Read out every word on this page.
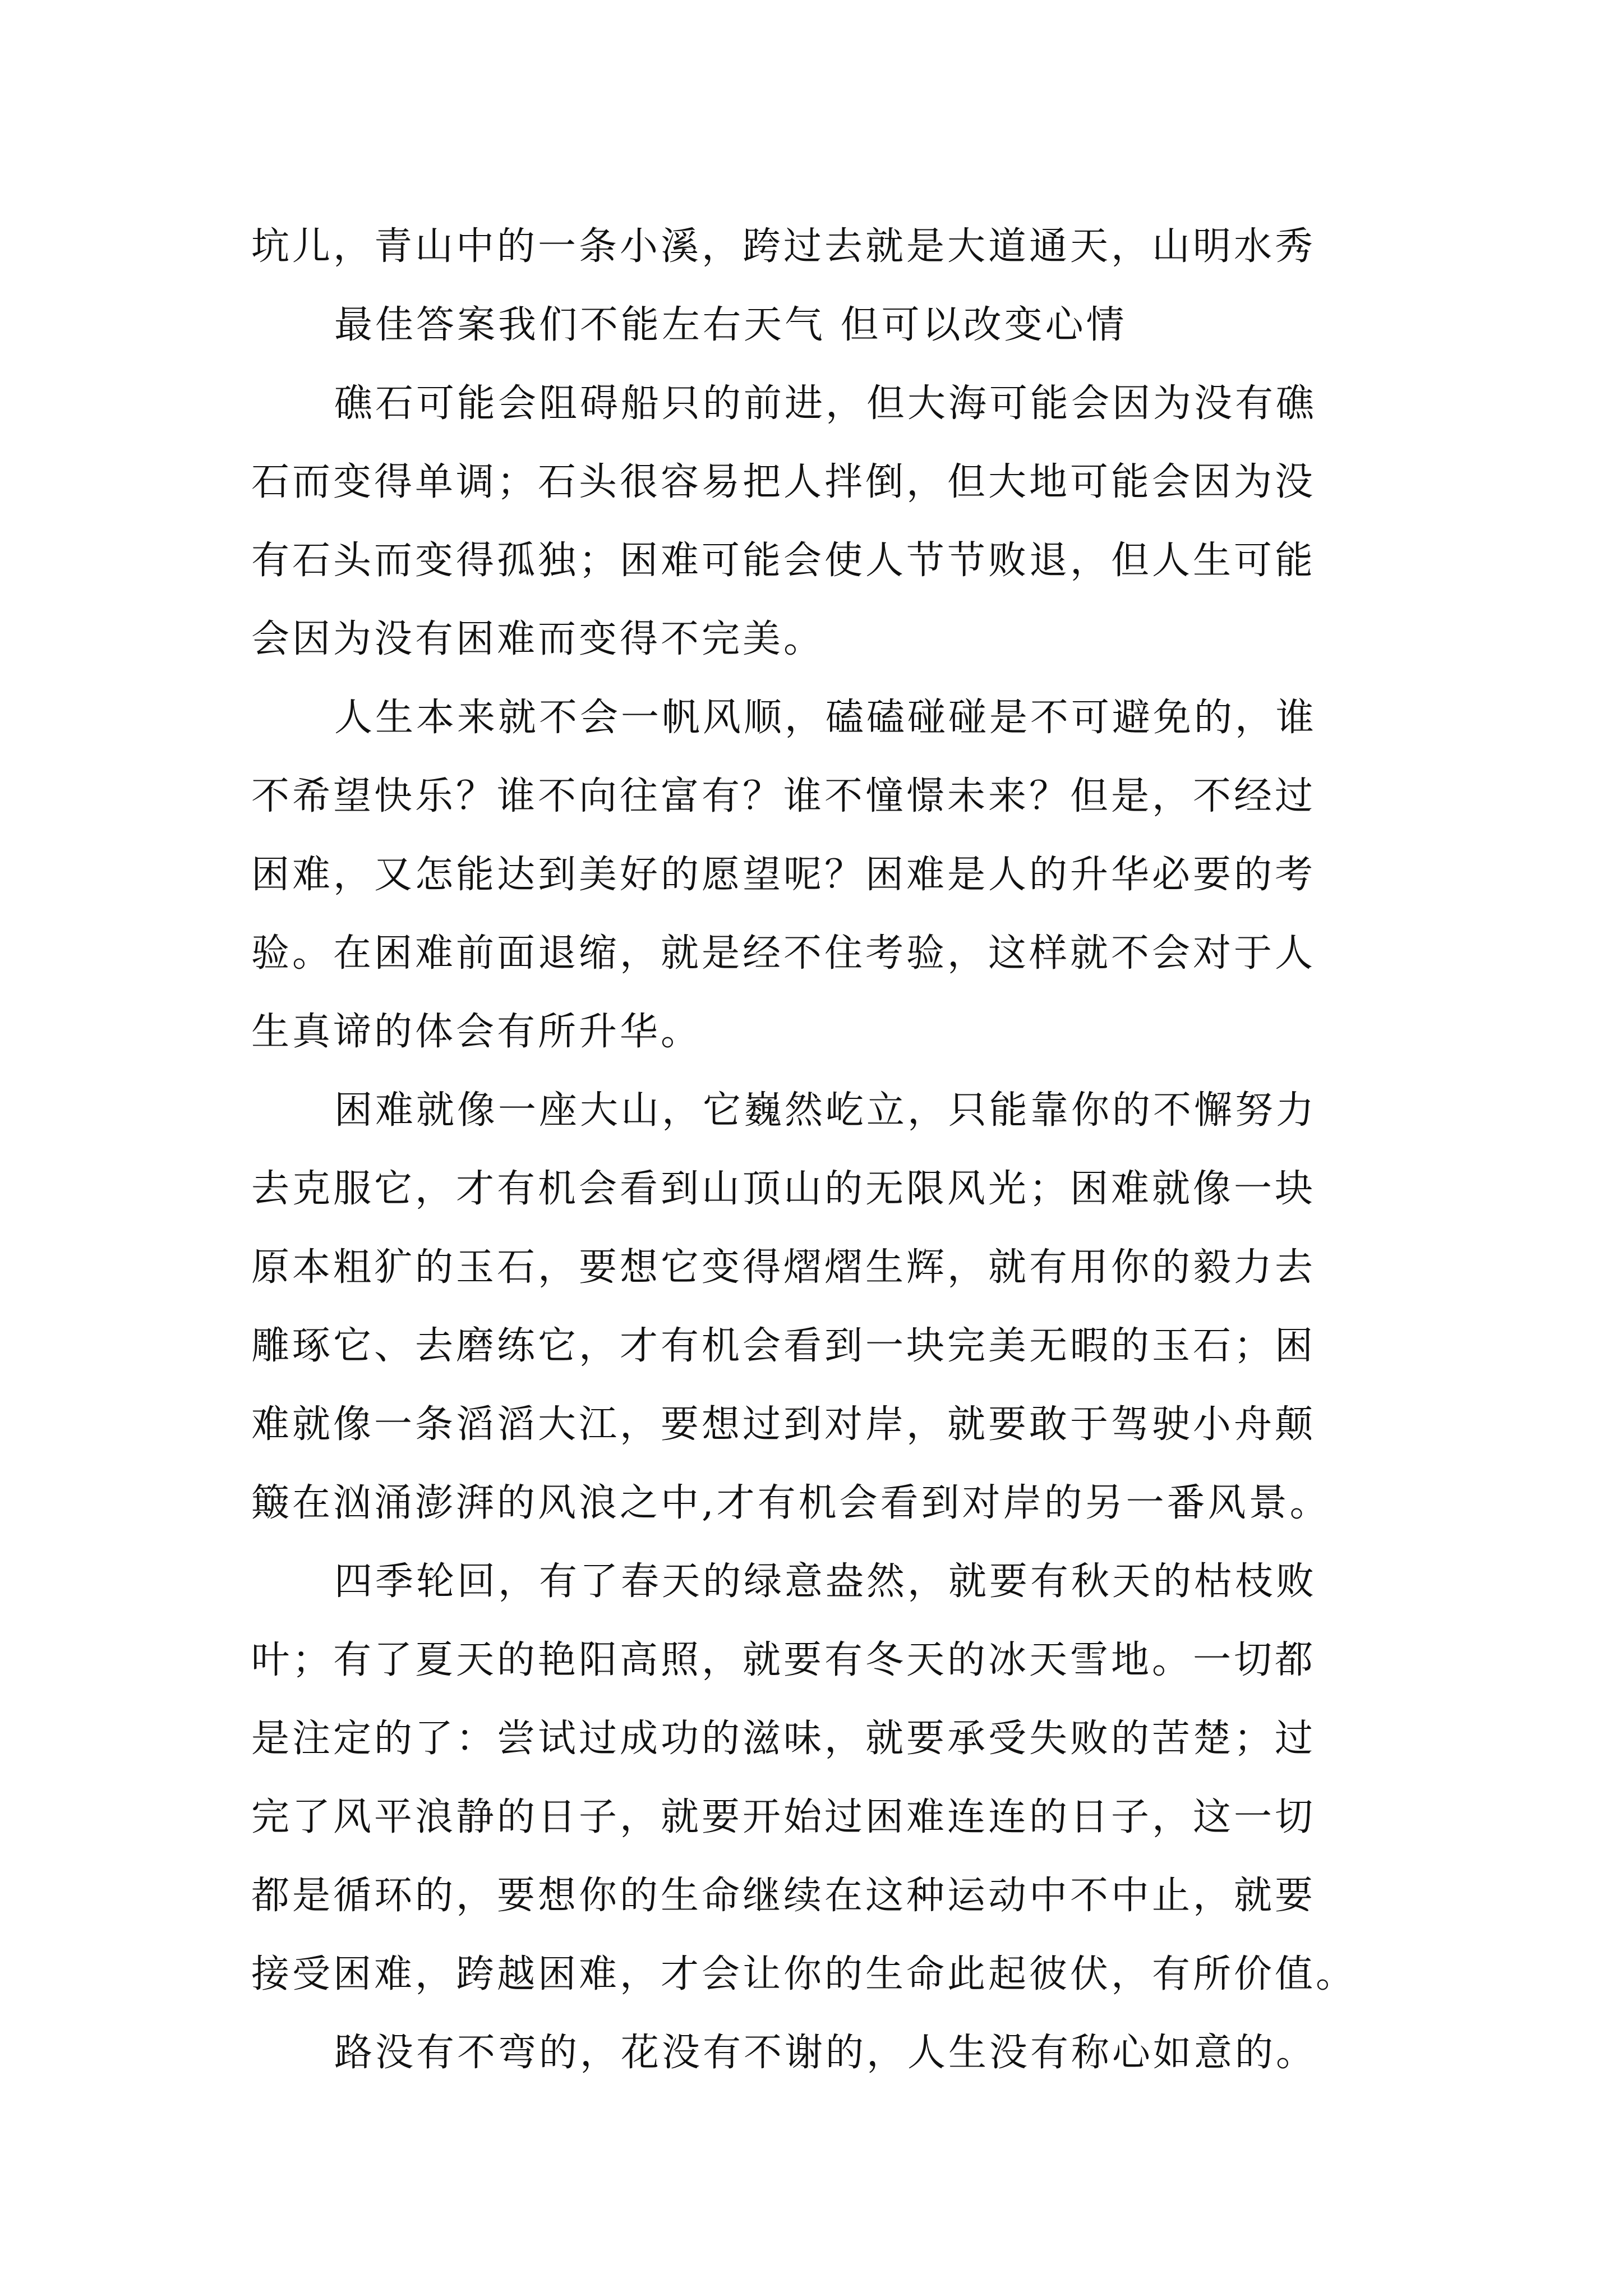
坑儿，青山中的一条小溪，跨过去就是大道通天，山明水秀
最佳答案我们不能左右天气 但可以改变心情
礁石可能会阻碍船只的前进，但大海可能会因为没有礁
石而变得单调；石头很容易把人拌倒，但大地可能会因为没
有石头而变得孤独；困难可能会使人节节败退，但人生可能
会因为没有困难而变得不完美。
人生本来就不会一帆风顺，磕磕碰碰是不可避免的，谁
不希望快乐？谁不向往富有？谁不憧憬未来？但是，不经过
困难，又怎能达到美好的愿望呢？困难是人的升华必要的考
验。在困难前面退缩，就是经不住考验，这样就不会对于人
生真谛的体会有所升华。
困难就像一座大山，它巍然屹立，只能靠你的不懈努力
去克服它，才有机会看到山顶山的无限风光；困难就像一块
原本粗犷的玉石，要想它变得熠熠生辉，就有用你的毅力去
雕琢它、去磨练它，才有机会看到一块完美无暇的玉石；困
难就像一条滔滔大江，要想过到对岸，就要敢于驾驶小舟颠
簸在汹涌澎湃的风浪之中,才有机会看到对岸的另一番风景。
四季轮回，有了春天的绿意盎然，就要有秋天的枯枝败
叶；有了夏天的艳阳高照，就要有冬天的冰天雪地。一切都
是注定的了：尝试过成功的滋味，就要承受失败的苦楚；过
完了风平浪静的日子，就要开始过困难连连的日子，这一切
都是循环的，要想你的生命继续在这种运动中不中止，就要
接受困难，跨越困难，才会让你的生命此起彼伏，有所价值。
路没有不弯的，花没有不谢的，人生没有称心如意的。
